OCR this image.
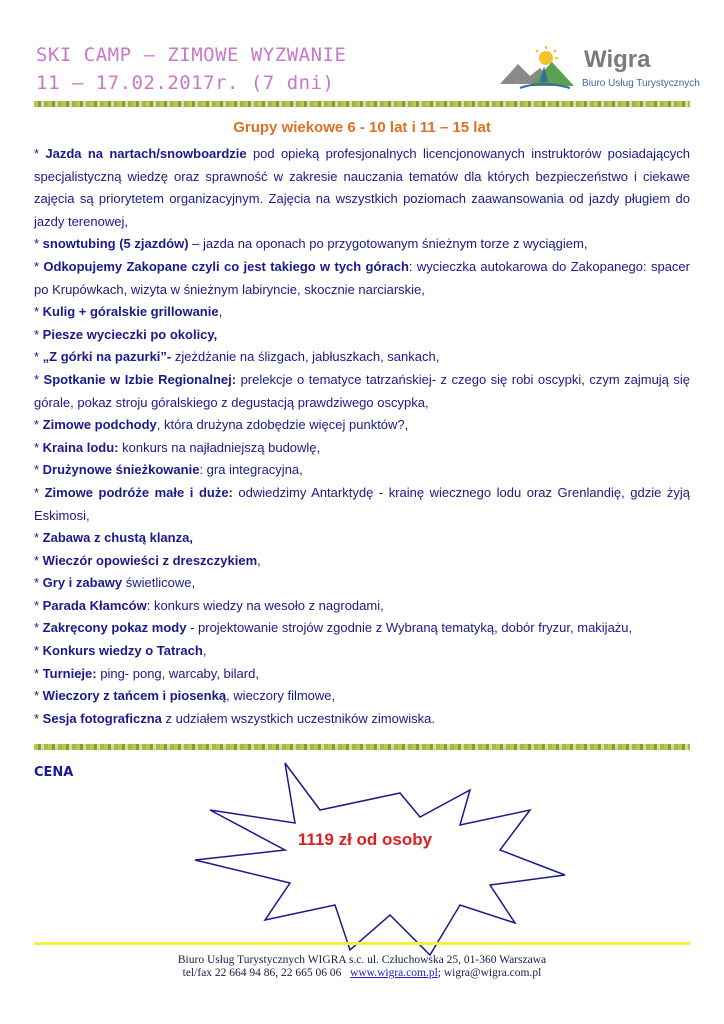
SKI CAMP – ZIMOWE WYZWANIE
11 – 17.02.2017r. (7 dni)
Wigra
Biuro Usług Turystycznych
Grupy wiekowe 6 - 10 lat i 11 – 15 lat

* Jazda na nartach/snowboardzie pod opieką profesjonalnych licencjonowanych instruktorów posiadających specjalistyczną wiedzę oraz sprawność w zakresie nauczania tematów dla których bezpieczeństwo i ciekawe zajęcia są priorytetem organizacyjnym. Zajęcia na wszystkich poziomach zaawansowania od jazdy pługiem do jazdy terenowej,

* snowtubing (5 zjazdów) – jazda na oponach po przygotowanym śnieżnym torze z wyciągiem,

* Odkopujemy Zakopane czyli co jest takiego w tych górach: wycieczka autokarowa do Zakopanego: spacer po Krupówkach, wizyta w śnieżnym labiryncie, skocznie narciarskie,

* Kulig + góralskie grillowanie,

* Piesze wycieczki po okolicy,

* „Z górki na pazurki”- zjeżdżanie na ślizgach, jabłuszkach, sankach,

* Spotkanie w Izbie Regionalnej: prelekcje o tematyce tatrzańskiej- z czego się robi oscypki, czym zajmują się górale, pokaz stroju góralskiego z degustacją prawdziwego oscypka,

* Zimowe podchody, która drużyna zdobędzie więcej punktów?,

* Kraina lodu: konkurs na najładniejszą budowlę,

* Drużynowe śnieżkowanie: gra integracyjna,

* Zimowe podróże małe i duże: odwiedzimy Antarktydę - krainę wiecznego lodu oraz Grenlandię, gdzie żyją Eskimosi,

* Zabawa z chustą klanza,

* Wieczór opowieści z dreszczykiem,

* Gry i zabawy świetlicowe,

* Parada Kłamców: konkurs wiedzy na wesoło z nagrodami,

* Zakręcony pokaz mody - projektowanie strojów zgodnie z Wybraną tematyką, dobór fryzur, makijażu,

* Konkurs wiedzy o Tatrach,

* Turnieje: ping- pong, warcaby, bilard,

* Wieczory z tańcem i piosenką, wieczory filmowe,

* Sesja fotograficzna z udziałem wszystkich uczestników zimowiska.

CENA
1119 zł od osoby
Biuro Usług Turystycznych WIGRA s.c. ul. Człuchowska 25, 01-360 Warszawa
tel/fax 22 664 94 86, 22 665 06 06 www.wigra.com.pl; wigra@wigra.com.pl
